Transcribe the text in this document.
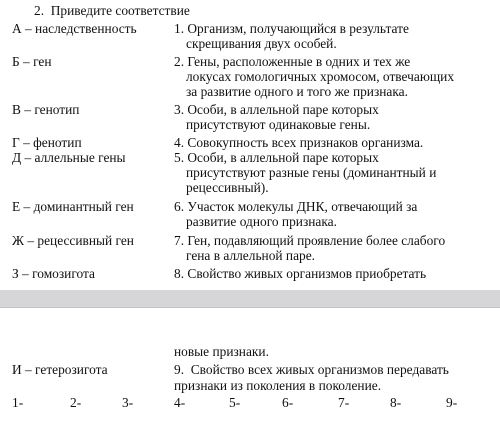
2.  Приведите соответствие
А – наследственность	1. Организм, получающийся в результате
скрещивания двух особей.
Б – ген	2. Гены, расположенные в одних и тех же
локусах гомологичных хромосом, отвечающих
за развитие одного и того же признака.
В – генотип	3. Особи, в аллельной паре которых
присутствуют одинаковые гены.
Г – фенотип	4. Совокупность всех признаков организма.
Д – аллельные гены	5. Особи, в аллельной паре которых
присутствуют разные гены (доминантный и
рецессивный).
Е – доминантный ген	6. Участок молекулы ДНК, отвечающий за
развитие одного признака.
Ж – рецессивный ген	7. Ген, подавляющий проявление более слабого
гена в аллельной паре.
З – гомозигота	8. Свойство живых организмов приобретать
новые признаки.
И – гетерозигота	9.  Свойство всех живых организмов передавать
признаки из поколения в поколение.
1-	2-	3-	4-	5-	6-	7-	8-	9-
